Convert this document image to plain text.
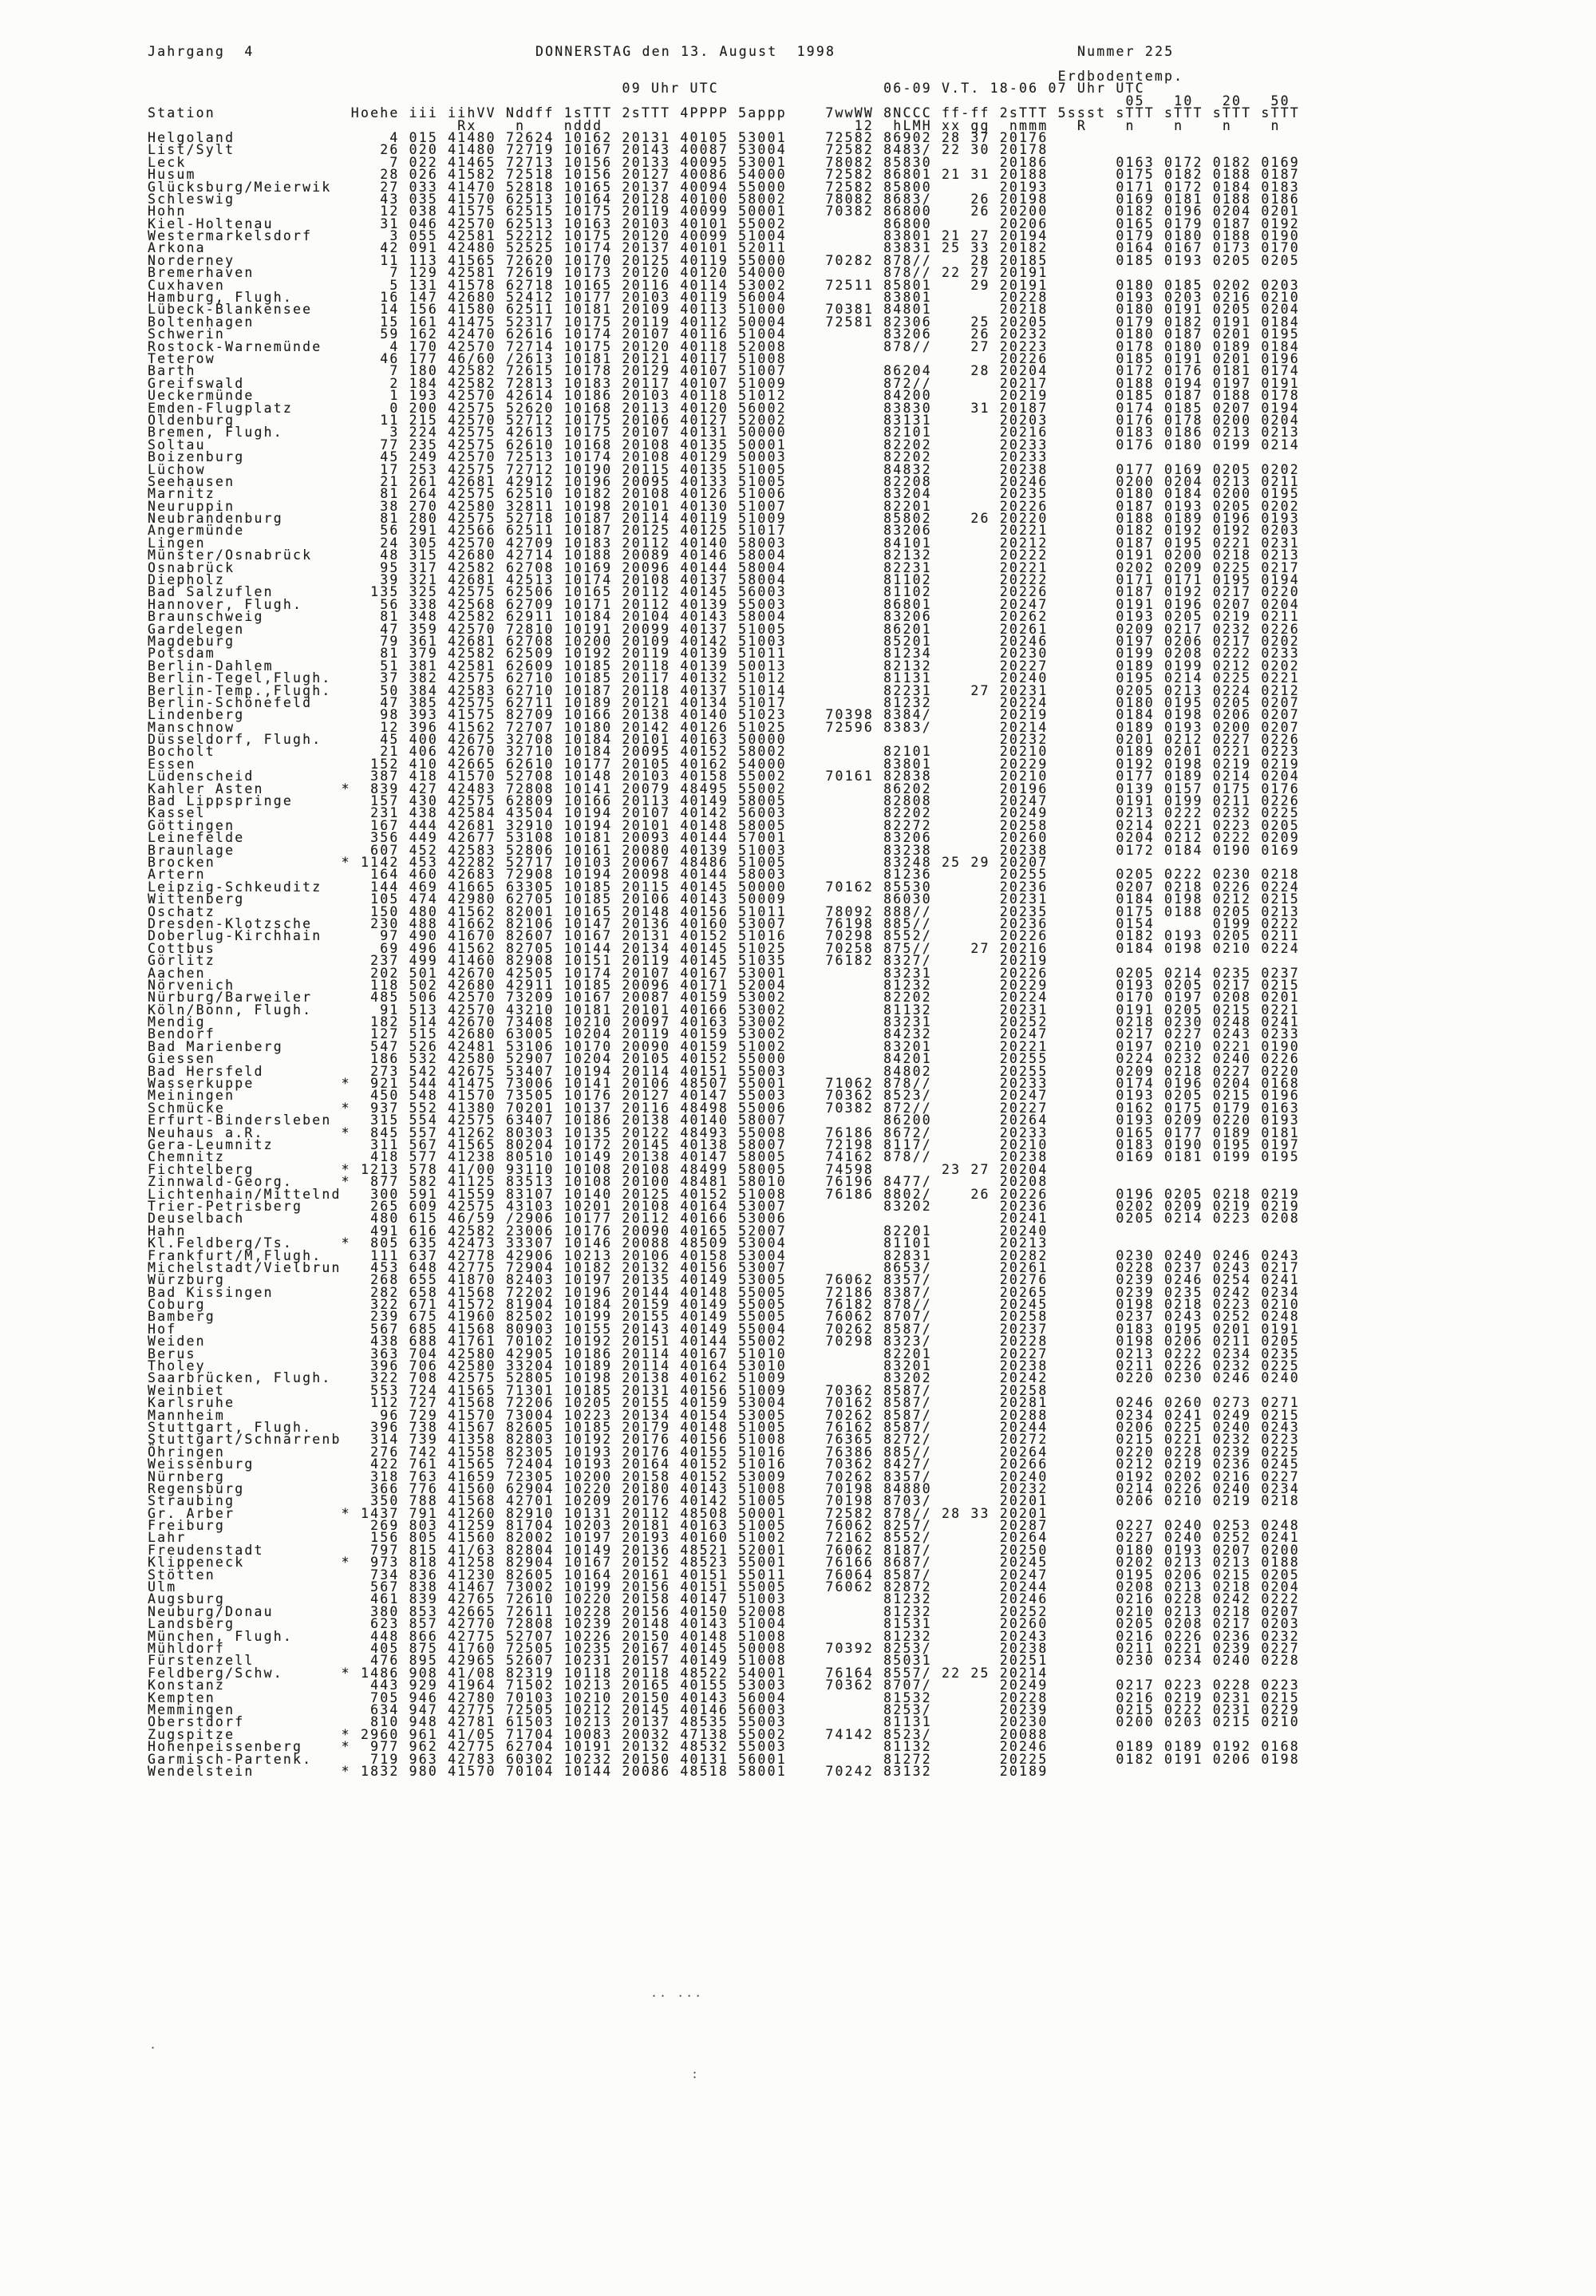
Jahrgang  4

	DONNERSTAG den 13. August  1998

	Nummer 225

Erdbodentemp.
09 Uhr UTC                 06-09 V.T. 18-06 07 Uhr UTC
05   10   20   50
Station              Hoehe iii iihVV Nddff 1sTTT 2sTTT 4PPPP 5appp    7wwWW 8NCCC ff-ff 2sTTT 5ssst sTTT sTTT sTTT sTTT
Rx    n    nddd                          12  hLMH xx gg  nmmm   R    n    n    n    n
Helgoland                4 015 41480 72624 10162 20131 40105 53001    72582 86902 28 37 20176
List/Sylt               26 020 41480 72719 10167 20143 40087 53004    72582 8483/ 22 30 20178
Leck                     7 022 41465 72713 10156 20133 40095 53001    78082 85830       20186       0163 0172 0182 0169
Husum                   28 026 41582 72518 10156 20127 40086 54000    72582 86801 21 31 20188       0175 0182 0188 0187
Glücksburg/Meierwik     27 033 41470 52818 10165 20137 40094 55000    72582 85800       20193       0171 0172 0184 0183
Schleswig               43 035 41570 62513 10164 20128 40100 58002    78082 8683/    26 20198       0169 0181 0188 0186
Hohn                    12 038 41575 62515 10175 20119 40099 50001    70382 86800    26 20200       0182 0196 0204 0201
Kiel-Holtenau           31 046 42570 62513 10163 20103 40101 55002          86800       20206       0165 0179 0187 0192
Westermarkelsdorf        3 055 42581 52212 10175 20120 40099 51004          83801 21 27 20194       0179 0180 0188 0190
Arkona                  42 091 42480 52525 10174 20137 40101 52011          83831 25 33 20182       0164 0167 0173 0170
Norderney               11 113 41565 72620 10170 20125 40119 55000    70282 878//    28 20185       0185 0193 0205 0205
Bremerhaven              7 129 42581 72619 10173 20120 40120 54000          878// 22 27 20191
Cuxhaven                 5 131 41578 62718 10165 20116 40114 53002    72511 85801    29 20191       0180 0185 0202 0203
Hamburg, Flugh.         16 147 42680 52412 10177 20103 40119 56004          83801       20228       0193 0203 0216 0210
Lübeck-Blankensee       14 156 41580 62511 10181 20109 40113 51000    70381 84801       20218       0180 0191 0205 0204
Boltenhagen             15 161 41475 52317 10175 20119 40112 50004    72581 82306    25 20205       0179 0182 0191 0184
Schwerin                59 162 42470 62616 10174 20107 40116 51004          83206    26 20232       0180 0187 0201 0195
Rostock-Warnemünde       4 170 42570 72714 10175 20120 40118 52008          878//    27 20223       0178 0180 0189 0184
Teterow                 46 177 46/60 /2613 10181 20121 40117 51008                      20226       0185 0191 0201 0196
Barth                    7 180 42582 72615 10178 20129 40107 51007          86204    28 20204       0172 0176 0181 0174
Greifswald               2 184 42582 72813 10183 20117 40107 51009          872//       20217       0188 0194 0197 0191
Ueckermünde              1 193 42570 42614 10186 20103 40118 51012          84200       20219       0185 0187 0188 0178
Emden-Flugplatz          0 200 42575 52620 10168 20113 40120 56002          83830    31 20187       0174 0185 0207 0194
Oldenburg               11 215 42570 52712 10175 20106 40127 52002          83131       20203       0176 0178 0200 0204
Bremen, Flugh.           3 224 42575 42613 10175 20107 40131 50000          82101       20216       0183 0186 0213 0213
Soltau                  77 235 42575 62610 10168 20108 40135 50001          82202       20233       0176 0180 0199 0214
Boizenburg              45 249 42570 72513 10174 20108 40129 50003          82202       20233
Lüchow                  17 253 42575 72712 10190 20115 40135 51005          84832       20238       0177 0169 0205 0202
Seehausen               21 261 42681 42912 10196 20095 40133 51005          82208       20246       0200 0204 0213 0211
Marnitz                 81 264 42575 62510 10182 20108 40126 51006          83204       20235       0180 0184 0200 0195
Neuruppin               38 270 42580 32811 10198 20101 40130 51007          82201       20226       0187 0193 0205 0202
Neubrandenburg          81 280 42575 52718 10187 20114 40119 51009          85802    26 20220       0188 0189 0196 0193
Angermünde              56 291 42566 62511 10187 20125 40125 51017          83206       20221       0182 0192 0192 0203
Lingen                  24 305 42570 42709 10183 20112 40140 58003          84101       20212       0187 0195 0221 0231
Münster/Osnabrück       48 315 42680 42714 10188 20089 40146 58004          82132       20222       0191 0200 0218 0213
Osnabrück               95 317 42582 62708 10169 20096 40144 58004          82231       20221       0202 0209 0225 0217
Diepholz                39 321 42681 42513 10174 20108 40137 58004          81102       20222       0171 0171 0195 0194
Bad Salzuflen          135 325 42575 62506 10165 20112 40145 56003          81102       20226       0187 0192 0217 0220
Hannover, Flugh.        56 338 42568 62709 10171 20112 40139 55003          86801       20247       0191 0196 0207 0204
Braunschweig            81 348 42582 62911 10184 20104 40143 58004          83206       20262       0193 0205 0219 0211
Gardelegen              47 359 42570 72810 10191 20099 40137 51005          86201       20261       0209 0217 0232 0226
Magdeburg               79 361 42681 62708 10200 20109 40142 51003          85201       20246       0197 0206 0217 0202
Potsdam                 81 379 42582 62509 10192 20119 40139 51011          81234       20230       0199 0208 0222 0233
Berlin-Dahlem           51 381 42581 62609 10185 20118 40139 50013          82132       20227       0189 0199 0212 0202
Berlin-Tegel,Flugh.     37 382 42575 62710 10185 20117 40132 51012          81131       20240       0195 0214 0225 0221
Berlin-Temp.,Flugh.     50 384 42583 62710 10187 20118 40137 51014          82231    27 20231       0205 0213 0224 0212
Berlin-Schönefeld       47 385 42575 62711 10189 20121 40134 51017          81232       20224       0180 0195 0205 0207
Lindenberg              98 393 41575 82709 10166 20138 40140 51023    70398 8384/       20219       0184 0198 0206 0207
Manschnow               12 396 41562 72707 10180 20142 40126 51025    72596 8383/       20214       0189 0193 0200 0207
Düsseldorf, Flugh.      45 400 42675 32708 10184 20101 40163 50000                      20232       0201 0212 0227 0226
Bocholt                 21 406 42670 32710 10184 20095 40152 58002          82101       20210       0189 0201 0221 0223
Essen                  152 410 42665 62610 10177 20105 40162 54000          83801       20229       0192 0198 0219 0219
Lüdenscheid            387 418 41570 52708 10148 20103 40158 55002    70161 82838       20210       0177 0189 0214 0204
Kahler Asten        *  839 427 42483 72808 10141 20079 48495 55002          86202       20196       0139 0157 0175 0176
Bad Lippspringe        157 430 42575 62809 10166 20113 40149 58005          82808       20247       0191 0199 0211 0226
Kassel                 231 438 42584 43504 10194 20107 40142 56003          82202       20249       0213 0222 0232 0225
Göttingen              167 444 42681 32910 10194 20101 40148 58005          82272       20258       0214 0221 0223 0205
Leinefelde             356 449 42677 53108 10181 20093 40144 57001          83206       20260       0204 0212 0222 0209
Braunlage              607 452 42583 52806 10161 20080 40139 51003          83238       20238       0172 0184 0190 0169
Brocken             * 1142 453 42282 52717 10103 20067 48486 51005          83248 25 29 20207
Artern                 164 460 42683 72908 10194 20098 40144 58003          81236       20255       0205 0222 0230 0218
Leipzig-Schkeuditz     144 469 41665 63305 10185 20115 40145 50000    70162 85530       20236       0207 0218 0226 0224
Wittenberg             105 474 42980 62705 10185 20106 40143 50009          86030       20231       0184 0198 0212 0215
Oschatz                150 480 41562 82001 10165 20148 40156 51011    78092 888//       20235       0175 0188 0205 0213
Dresden-Klotzsche      230 488 41662 82106 10147 20136 40160 53007    76198 885//       20236       0154      0199 0222
Doberlug-Kirchhain      97 490 41670 82607 10167 20131 40152 51016    70298 8552/       20226       0182 0193 0205 0211
Cottbus                 69 496 41562 82705 10144 20134 40145 51025    70258 875//    27 20216       0184 0198 0210 0224
Görlitz                237 499 41460 82908 10151 20119 40145 51035    76182 8327/       20219
Aachen                 202 501 42670 42505 10174 20107 40167 53001          83231       20226       0205 0214 0235 0237
Nörvenich              118 502 42680 42911 10185 20096 40171 52004          81232       20229       0193 0205 0217 0215
Nürburg/Barweiler      485 506 42570 73209 10167 20087 40159 53002          82202       20224       0170 0197 0208 0201
Köln/Bonn, Flugh.       91 513 42570 43210 10181 20101 40166 53002          81132       20231       0191 0205 0215 0221
Mendig                 182 514 42670 73408 10210 20097 40163 53002          83231       20252       0218 0230 0248 0241
Bendorf                127 515 42680 63005 10204 20119 40159 53002          84232       20247       0217 0227 0243 0233
Bad Marienberg         547 526 42481 53106 10170 20090 40159 51002          83201       20221       0197 0210 0221 0190
Giessen                186 532 42580 52907 10204 20105 40152 55000          84201       20255       0224 0232 0240 0226
Bad Hersfeld           273 542 42675 53407 10194 20114 40151 55003          84802       20255       0209 0218 0227 0220
Wasserkuppe         *  921 544 41475 73006 10141 20106 48507 55001    71062 878//       20233       0174 0196 0204 0168
Meiningen              450 548 41570 73505 10176 20127 40147 55003    70362 8523/       20247       0193 0205 0215 0196
Schmücke            *  937 552 41380 70201 10137 20116 48498 55006    70382 872//       20227       0162 0175 0179 0163
Erfurt-Bindersleben    315 554 42575 63407 10186 20138 40140 58007          86200       20264       0193 0209 0220 0193
Neuhaus a.R.        *  845 557 41262 80303 10135 20122 48493 55008    76186 8672/       20233       0165 0177 0189 0181
Gera-Leumnitz          311 567 41565 80204 10172 20145 40138 58007    72198 8117/       20210       0183 0190 0195 0197
Chemnitz               418 577 41238 80510 10149 20138 40147 58005    74162 878//       20238       0169 0181 0199 0195
Fichtelberg         * 1213 578 41/00 93110 10108 20108 48499 58005    74598       23 27 20204
Zinnwald-Georg.     *  877 582 41125 83513 10108 20100 48481 58010    76196 8477/       20208
Lichtenhain/Mittelnd   300 591 41559 83107 10140 20125 40152 51008    76186 8802/    26 20226       0196 0205 0218 0219
Trier-Petrisberg       265 609 42575 43103 10201 20108 40164 53007          83202       20236       0202 0209 0219 0219
Deuselbach             480 615 46/59 /2906 10177 20112 40166 53006                      20241       0205 0214 0223 0208
Hahn                   491 616 42582 23006 10176 20090 40165 52007          82201       20240
Kl.Feldberg/Ts.     *  805 635 42473 33307 10146 20088 48509 53004          81101       20213
Frankfurt/M,Flugh.     111 637 42778 42906 10213 20106 40158 53004          82831       20282       0230 0240 0246 0243
Michelstadt/Vielbrun   453 648 42775 72904 10182 20132 40156 53007          8653/       20261       0228 0237 0243 0217
Würzburg               268 655 41870 82403 10197 20135 40149 53005    76062 8357/       20276       0239 0246 0254 0241
Bad Kissingen          282 658 41568 72202 10196 20144 40148 55005    72186 8387/       20265       0239 0235 0242 0234
Coburg                 322 671 41572 81904 10184 20159 40149 55005    76182 878//       20245       0198 0218 0223 0210
Bamberg                239 675 41960 82502 10199 20155 40149 55005    76062 8707/       20258       0237 0243 0252 0248
Hof                    567 685 41568 80903 10155 20143 40149 55004    70262 8587/       20237       0183 0195 0201 0191
Weiden                 438 688 41761 70102 10192 20151 40144 55002    70298 8323/       20228       0198 0206 0211 0205
Berus                  363 704 42580 42905 10186 20114 40167 51010          82201       20227       0213 0222 0234 0235
Tholey                 396 706 42580 33204 10189 20114 40164 53010          83201       20238       0211 0226 0232 0225
Saarbrücken, Flugh.    322 708 42575 52805 10198 20138 40162 51009          83202       20242       0220 0230 0246 0240
Weinbiet               553 724 41565 71301 10185 20131 40156 51009    70362 8587/       20258
Karlsruhe              112 727 41568 72206 10205 20155 40159 53004    70162 8587/       20281       0246 0260 0273 0271
Mannheim                96 729 41570 73004 10223 20134 40154 53005    70262 8587/       20288       0234 0241 0249 0215
Stuttgart, Flugh.      396 738 41567 82605 10185 20179 40148 51005    76162 8587/       20244       0206 0225 0240 0243
Stuttgart/Schnarrenb   314 739 41358 82803 10192 20176 40156 51008    76365 8272/       20272       0215 0221 0232 0223
Öhringen               276 742 41558 82305 10193 20176 40155 51016    76386 885//       20264       0220 0228 0239 0225
Weissenburg            422 761 41565 72404 10193 20164 40152 51016    70362 8427/       20266       0212 0219 0236 0245
Nürnberg               318 763 41659 72305 10200 20158 40152 53009    70262 8357/       20240       0192 0202 0216 0227
Regensburg             366 776 41560 62904 10220 20180 40143 51008    70198 84880       20232       0214 0226 0240 0234
Straubing              350 788 41568 42701 10209 20176 40142 51005    70198 8703/       20201       0206 0210 0219 0218
Gr. Arber           * 1437 791 41260 82910 10131 20112 48508 50001    72582 878// 28 33 20201
Freiburg               269 803 41259 81704 10203 20181 40163 51005    76062 8257/       20287       0227 0240 0253 0248
Lahr                   156 805 41560 82002 10197 20193 40160 51002    72162 8552/       20264       0227 0240 0252 0241
Freudenstadt           797 815 41/63 82804 10149 20136 48521 52001    76062 8187/       20250       0180 0193 0207 0200
Klippeneck          *  973 818 41258 82904 10167 20152 48523 55001    76166 8687/       20245       0202 0213 0213 0188
Stötten                734 836 41230 82605 10164 20161 40151 55011    76064 8587/       20247       0195 0206 0215 0205
Ulm                    567 838 41467 73002 10199 20156 40151 55005    76062 82872       20244       0208 0213 0218 0204
Augsburg               461 839 42765 72610 10220 20158 40147 51003          81232       20246       0216 0228 0242 0222
Neuburg/Donau          380 853 42665 72611 10228 20156 40150 52008          81232       20252       0210 0213 0218 0207
Landsberg              623 857 42770 72808 10239 20148 40143 51004          81531       20260       0205 0208 0217 0203
München, Flugh.        448 866 42775 52707 10226 20150 40148 51008          81232       20243       0216 0226 0236 0232
Mühldorf               405 875 41760 72505 10235 20167 40145 50008    70392 8253/       20238       0211 0221 0239 0227
Fürstenzell            476 895 42965 52607 10231 20157 40149 51008          85031       20251       0230 0234 0240 0228
Feldberg/Schw.      * 1486 908 41/08 82319 10118 20118 48522 54001    76164 8557/ 22 25 20214
Konstanz               443 929 41964 71502 10213 20165 40155 53003    70362 8707/       20249       0217 0223 0228 0223
Kempten                705 946 42780 70103 10210 20150 40143 56004          81532       20228       0216 0219 0231 0215
Memmingen              634 947 42775 72505 10212 20145 40146 56003          8253/       20239       0215 0222 0231 0229
Oberstdorf             810 948 42781 61503 10213 20137 48535 55003          81131       20230       0200 0203 0215 0210
Zugspitze           * 2960 961 41/05 71704 10083 20032 47138 55002    74142 8523/       20088
Hohenpeissenberg    *  977 962 42775 62704 10191 20132 48532 55003          81132       20246       0189 0189 0192 0168
Garmisch-Partenk.      719 963 42783 60302 10232 20150 40131 56001          81272       20225       0182 0191 0206 0198
Wendelstein         * 1832 980 41570 70104 10144 20086 48518 58001    70242 83132       20189
.. ...
:
.
